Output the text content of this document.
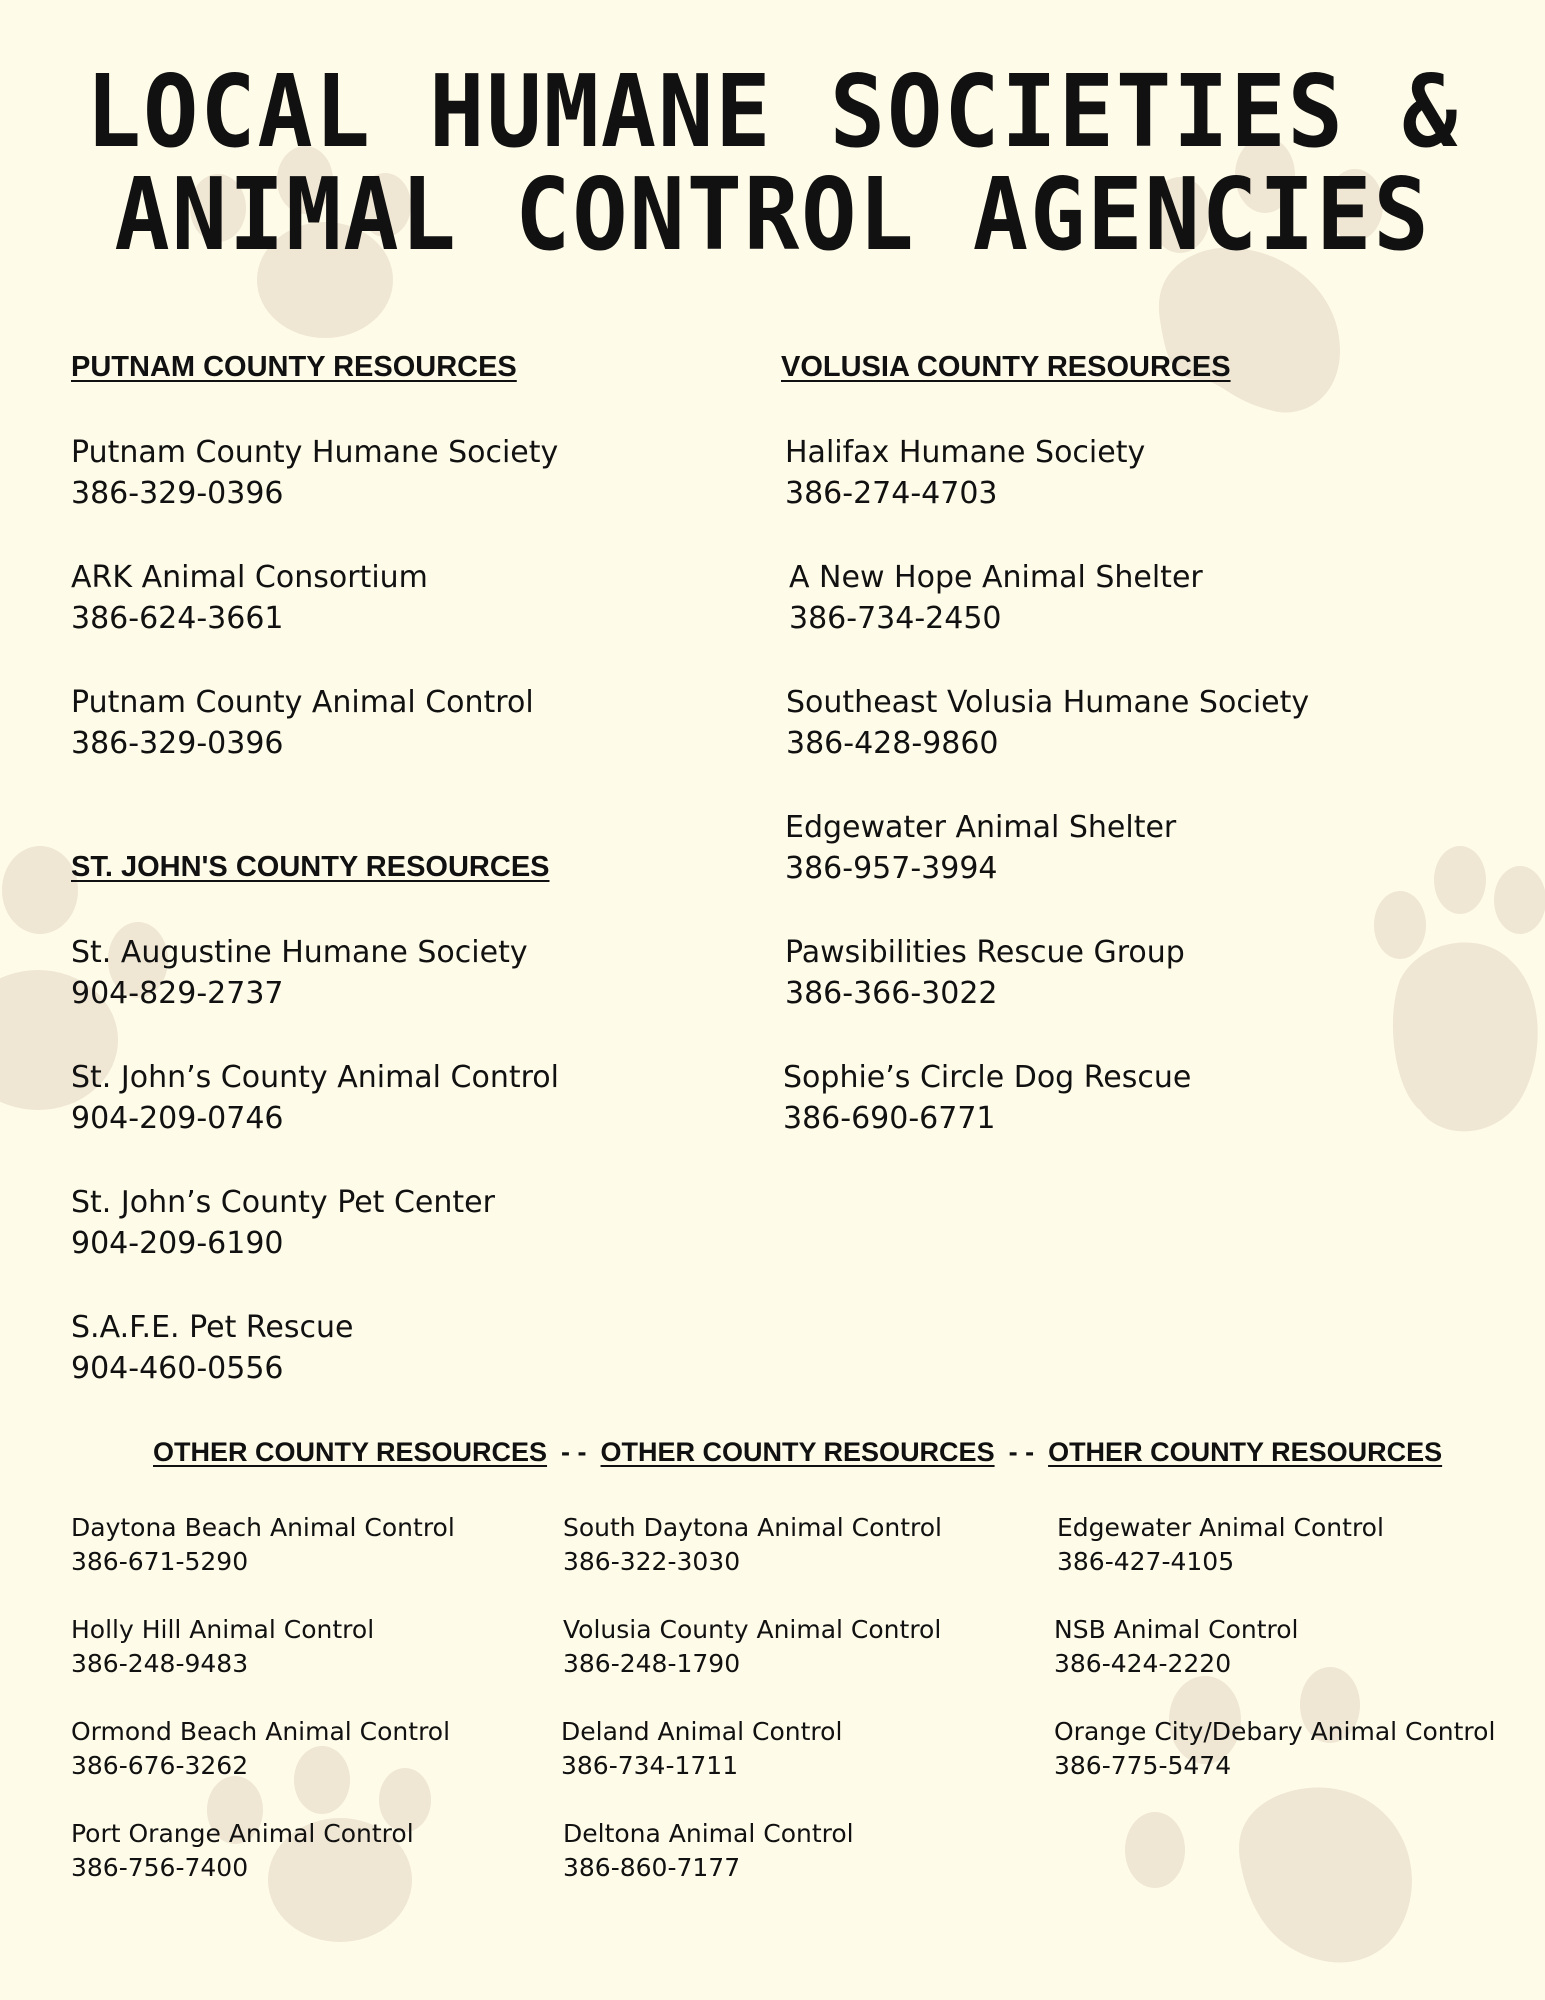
LOCAL HUMANE SOCIETIES &
ANIMAL CONTROL AGENCIES
PUTNAM COUNTY RESOURCES
Putnam County Humane Society
386-329-0396
ARK Animal Consortium
386-624-3661
Putnam County Animal Control
386-329-0396
ST. JOHN'S COUNTY RESOURCES
St. Augustine Humane Society
904-829-2737
St. John’s County Animal Control
904-209-0746
St. John’s County Pet Center
904-209-6190
S.A.F.E. Pet Rescue
904-460-0556
VOLUSIA COUNTY RESOURCES
Halifax Humane Society
386-274-4703
A New Hope Animal Shelter
386-734-2450
Southeast Volusia Humane Society
386-428-9860
Edgewater Animal Shelter
386-957-3994
Pawsibilities Rescue Group
386-366-3022
Sophie’s Circle Dog Rescue
386-690-6771
OTHER COUNTY RESOURCES - - OTHER COUNTY RESOURCES - - OTHER COUNTY RESOURCES
Daytona Beach Animal Control
386-671-5290
Holly Hill Animal Control
386-248-9483
Ormond Beach Animal Control
386-676-3262
Port Orange Animal Control
386-756-7400
South Daytona Animal Control
386-322-3030
Volusia County Animal Control
386-248-1790
Deland Animal Control
386-734-1711
Deltona Animal Control
386-860-7177
Edgewater Animal Control
386-427-4105
NSB Animal Control
386-424-2220
Orange City/Debary Animal Control
386-775-5474
